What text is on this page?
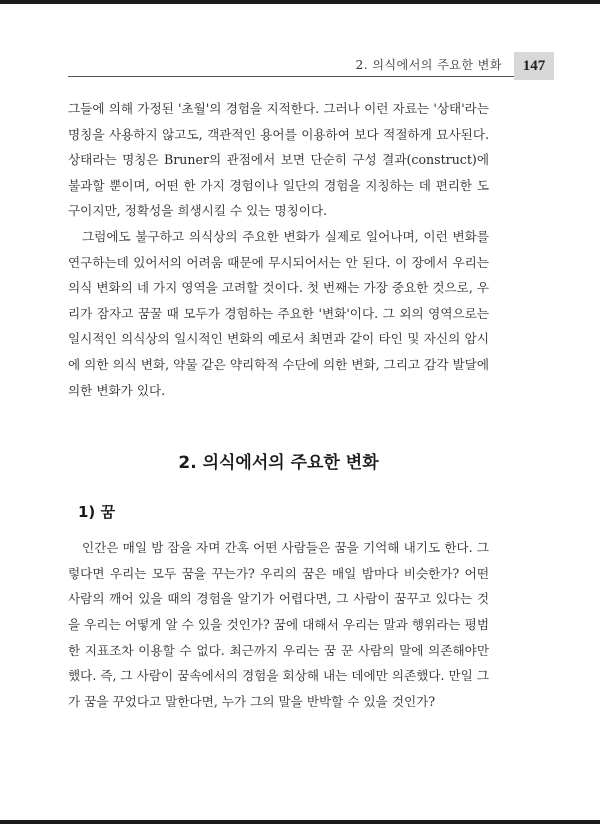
2. 의식에서의 주요한 변화	147

그들에 의해 가정된 '초월'의 경험을 지적한다. 그러나 이런 자료는 '상태'라는 명칭을 사용하지 않고도, 객관적인 용어를 이용하여 보다 적절하게 묘사된다. 상태라는 명칭은 Bruner의 관점에서 보면 단순히 구성 결과(construct)에 불과할 뿐이며, 어떤 한 가지 경험이나 일단의 경험을 지칭하는 데 편리한 도구이지만, 정확성을 희생시킬 수 있는 명칭이다.

그럼에도 불구하고 의식상의 주요한 변화가 실제로 일어나며, 이런 변화를 연구하는데 있어서의 어려움 때문에 무시되어서는 안 된다. 이 장에서 우리는 의식 변화의 네 가지 영역을 고려할 것이다. 첫 번째는 가장 중요한 것으로, 우리가 잠자고 꿈꿀 때 모두가 경험하는 주요한 '변화'이다. 그 외의 영역으로는 일시적인 의식상의 일시적인 변화의 예로서 최면과 같이 타인 및 자신의 암시에 의한 의식 변화, 약물 같은 약리학적 수단에 의한 변화, 그리고 감각 발달에 의한 변화가 있다.

2. 의식에서의 주요한 변화
1) 꿈

인간은 매일 밤 잠을 자며 간혹 어떤 사람들은 꿈을 기억해 내기도 한다. 그렇다면 우리는 모두 꿈을 꾸는가? 우리의 꿈은 매일 밤마다 비슷한가? 어떤 사람의 깨어 있을 때의 경험을 알기가 어렵다면, 그 사람이 꿈꾸고 있다는 것을 우리는 어떻게 알 수 있을 것인가? 꿈에 대해서 우리는 말과 행위라는 평범한 지표조차 이용할 수 없다. 최근까지 우리는 꿈 꾼 사람의 말에 의존해야만 했다. 즉, 그 사람이 꿈속에서의 경험을 회상해 내는 데에만 의존했다. 만일 그가 꿈을 꾸었다고 말한다면, 누가 그의 말을 반박할 수 있을 것인가?
